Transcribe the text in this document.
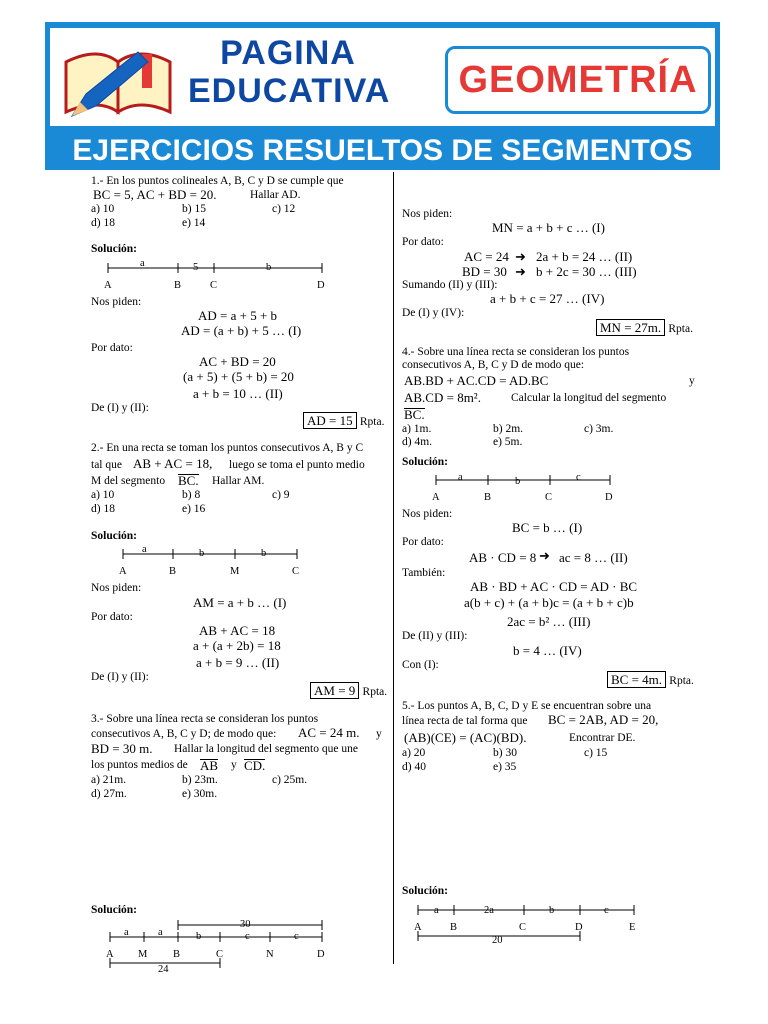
PAGINA
EDUCATIVA GEOMETRÍA
EJERCICIOS RESUELTOS DE SEGMENTOS
1.- En los puntos colineales A, B, C y D se cumple que
BC = 5, AC + BD = 20.	Hallar AD.
a) 10	b) 15	c) 12
d) 18	e) 14
Solución:
a	5	b
A	B	C	D
Nos piden:
AD = a + 5 + b
AD = (a + b) + 5 … (I)
Por dato:
AC + BD = 20
(a + 5) + (5 + b) = 20
a + b = 10 … (II)
De (I) y (II):
AD = 15 Rpta.
2.- En una recta se toman los puntos consecutivos A, B y C
tal que AB + AC = 18, luego se toma el punto medio
M del segmento BC. Hallar AM.
a) 10	b) 8	c) 9
d) 18	e) 16
Solución:
a	b	b
A	B	M	C
Nos piden:
AM = a + b … (I)
Por dato:
AB + AC = 18
a + (a + 2b) = 18
a + b = 9 … (II)
De (I) y (II):
AM = 9 Rpta.
3.- Sobre una línea recta se consideran los puntos
consecutivos A, B, C y D; de modo que: AC = 24 m. y
BD = 30 m. Hallar la longitud del segmento que une
los puntos medios de AB y CD.
a) 21m.	b) 23m.	c) 25m.
d) 27m.	e) 30m.
Solución:
30
a	a	b	c	c
A M B	C	N	D
24
Nos piden:
MN = a + b + c … (I)
Por dato:
AC = 24 ➜ 2a + b = 24 … (II)
BD = 30 ➜ b + 2c = 30 … (III)
Sumando (II) y (III):
a + b + c = 27 … (IV)
De (I) y (IV):
MN = 27m. Rpta.
4.- Sobre una línea recta se consideran los puntos
consecutivos A, B, C y D de modo que:
AB.BD + AC.CD = AD.BC	y
AB.CD = 8m².	Calcular la longitud del segmento
BC.
a) 1m.	b) 2m.	c) 3m.
d) 4m.	e) 5m.
Solución:
a	b	c
A	B	C	D
Nos piden:
BC = b … (I)
Por dato:
AB · CD = 8 ➜ ac = 8 … (II)
También:
AB · BD + AC · CD = AD · BC
a(b + c) + (a + b)c = (a + b + c)b
2ac = b² … (III)
De (II) y (III):
b = 4 … (IV)
Con (I):
BC = 4m. Rpta.
5.- Los puntos A, B, C, D y E se encuentran sobre una
línea recta de tal forma que BC = 2AB, AD = 20,
(AB)(CE) = (AC)(BD).	Encontrar DE.
a) 20	b) 30	c) 15
d) 40	e) 35
Solución:
a	2a	b	c
A	B	C	D	E
20
